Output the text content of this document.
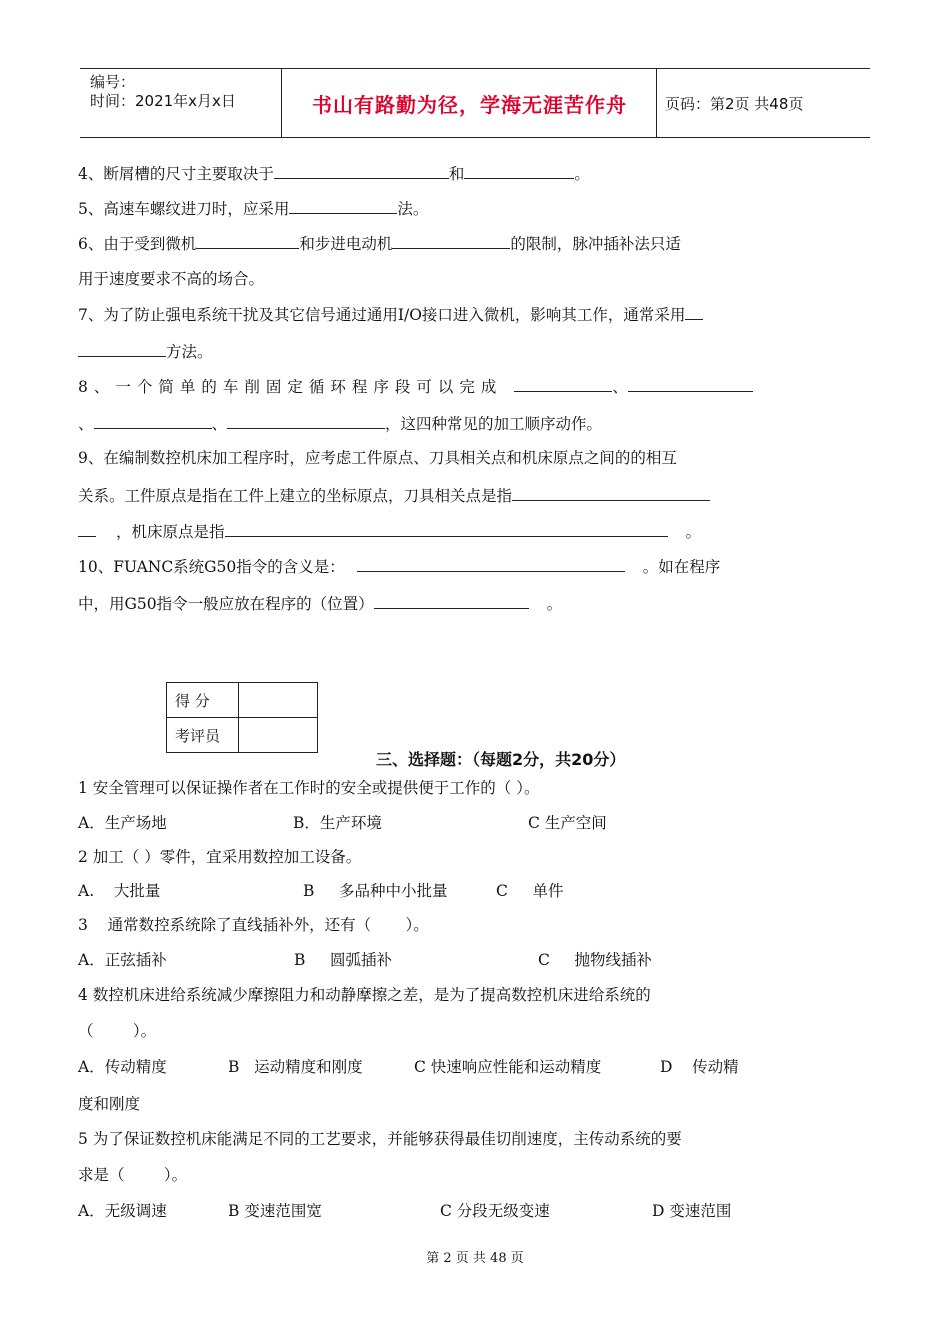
编号：
时间：2021年x月x日	书山有路勤为径，学海无涯苦作舟	页码：第2页 共48页
4、断屑槽的尺寸主要取决于	和	。
5、高速车螺纹进刀时，应采用	法。
6、由于受到微机	和步进电动机	的限制，脉冲插补法只适
用于速度要求不高的场合。
7、为了防止强电系统干扰及其它信号通过通用I/O接口进入微机，影响其工作，通常采用
方法。
8、一个简单的车削固定循环程序段可以完成	、
、	、	，这四种常见的加工顺序动作。
9、在编制数控机床加工程序时，应考虑工件原点、刀具相关点和机床原点之间的的相互
关系。工件原点是指在工件上建立的坐标原点，刀具相关点是指
，机床原点是指	。
10、FUANC系统G50指令的含义是：	。如在程序
中，用G50指令一般应放在程序的（位置）	。
得 分	
考评员	
三、选择题：（每题2分，共20分）
1 安全管理可以保证操作者在工作时的安全或提供便于工作的（ ）。
A．生产场地	B．生产环境	C 生产空间
2 加工（ ）零件，宜采用数控加工设备。
A.    大批量	B     多品种中小批量	C     单件
3    通常数控系统除了直线插补外，还有（       ）。
A．正弦插补	B     圆弧插补	C     抛物线插补
4 数控机床进给系统减少摩擦阻力和动静摩擦之差，是为了提高数控机床进给系统的
（        ）。
A．传动精度	B   运动精度和刚度	C 快速响应性能和运动精度	D    传动精
度和刚度
5 为了保证数控机床能满足不同的工艺要求，并能够获得最佳切削速度，主传动系统的要
求是（        ）。
A．无级调速	B 变速范围宽	C 分段无级变速	D 变速范围
第 2 页 共 48 页
